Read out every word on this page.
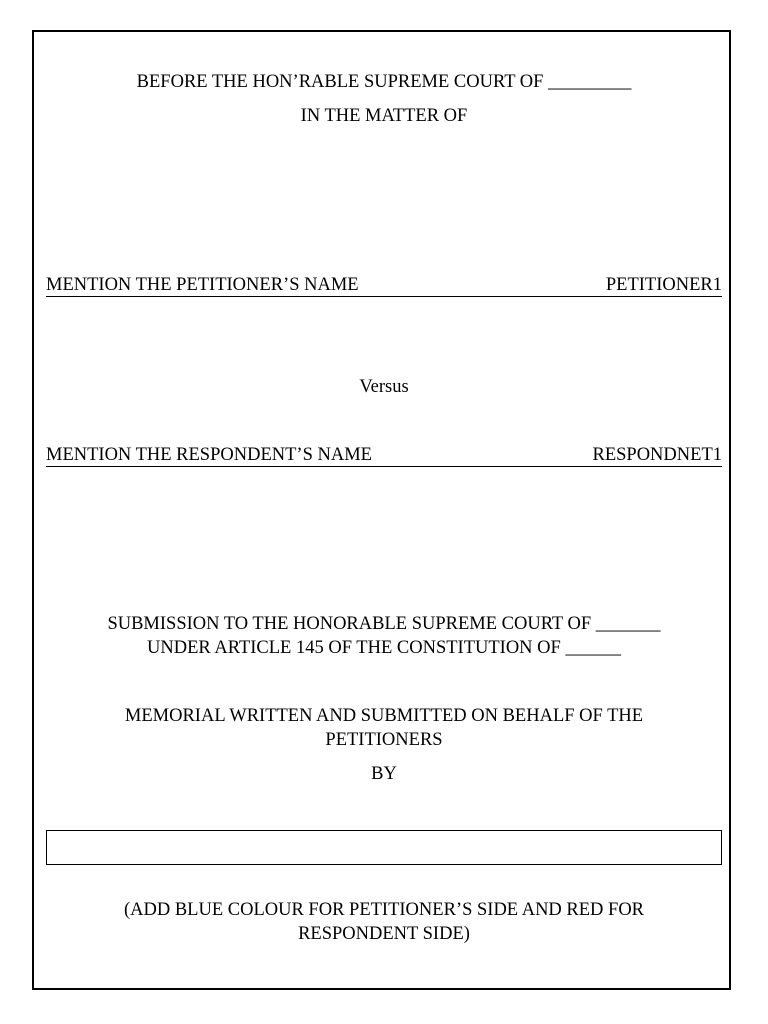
BEFORE THE HON’RABLE SUPREME COURT OF _________
IN THE MATTER OF
MENTION THE PETITIONER’S NAME	PETITIONER1
Versus
MENTION THE RESPONDENT’S NAME	RESPONDNET1
SUBMISSION TO THE HONORABLE SUPREME COURT OF _______
UNDER ARTICLE 145 OF THE CONSTITUTION OF ______
MEMORIAL WRITTEN AND SUBMITTED ON BEHALF OF THE
PETITIONERS
BY
(ADD BLUE COLOUR FOR PETITIONER’S SIDE AND RED FOR
RESPONDENT SIDE)
